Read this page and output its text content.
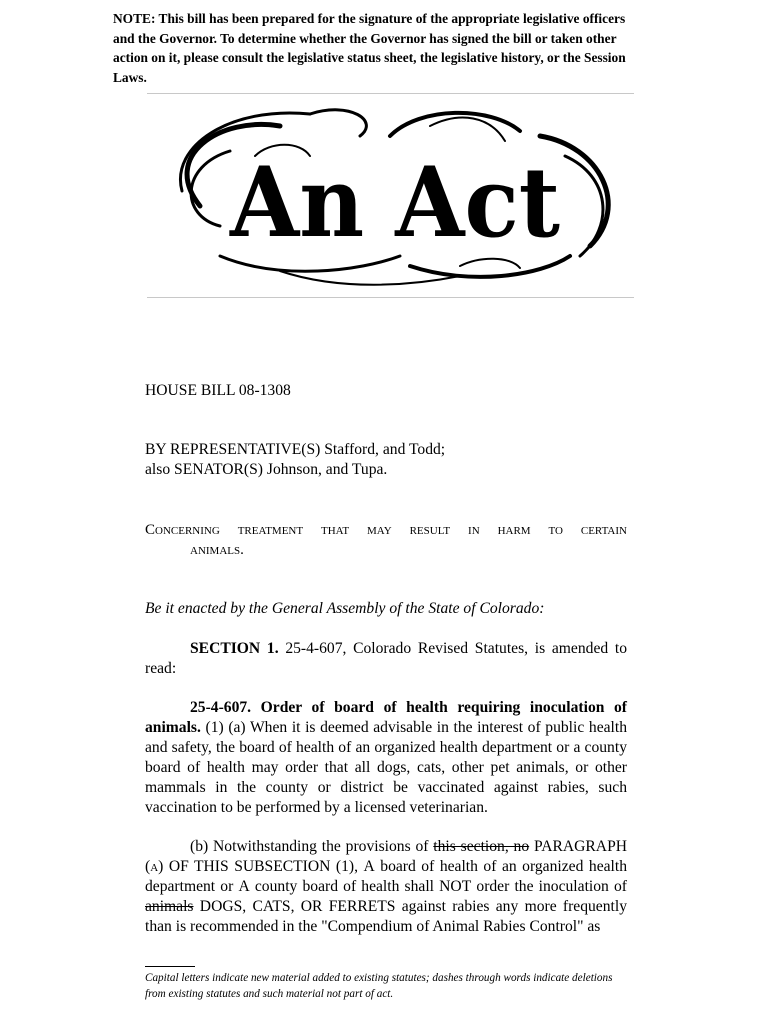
NOTE: This bill has been prepared for the signature of the appropriate legislative officers and the Governor. To determine whether the Governor has signed the bill or taken other action on it, please consult the legislative status sheet, the legislative history, or the Session Laws.
An Act
HOUSE BILL 08-1308
BY REPRESENTATIVE(S) Stafford, and Todd;
also SENATOR(S) Johnson, and Tupa.
Concerning treatment that may result in harm to certain
animals.
Be it enacted by the General Assembly of the State of Colorado:
SECTION 1. 25-4-607, Colorado Revised Statutes, is amended to read:
25-4-607. Order of board of health requiring inoculation of animals. (1) (a) When it is deemed advisable in the interest of public health and safety, the board of health of an organized health department or a county board of health may order that all dogs, cats, other pet animals, or other mammals in the county or district be vaccinated against rabies, such vaccination to be performed by a licensed veterinarian.
(b) Notwithstanding the provisions of this section, no PARAGRAPH (a) OF THIS SUBSECTION (1), A board of health of an organized health department or A county board of health shall NOT order the inoculation of animals DOGS, CATS, OR FERRETS against rabies any more frequently than is recommended in the "Compendium of Animal Rabies Control" as
Capital letters indicate new material added to existing statutes; dashes through words indicate deletions from existing statutes and such material not part of act.
